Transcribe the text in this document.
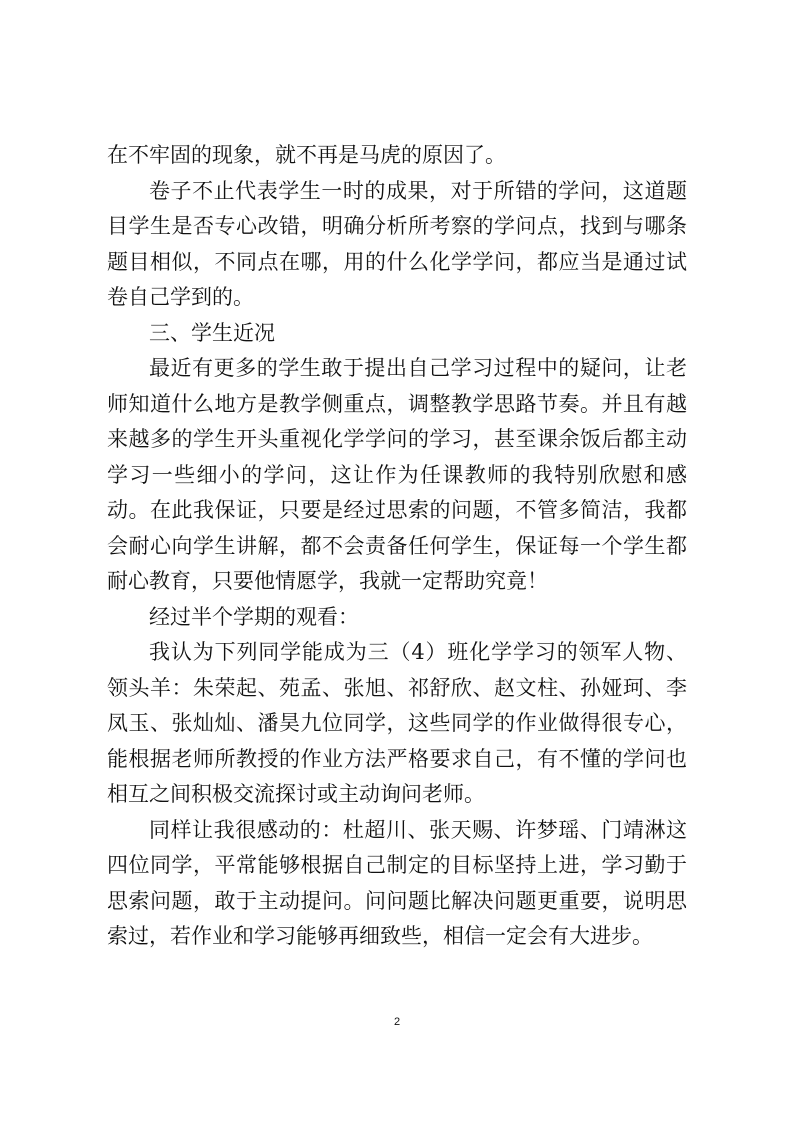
在不牢固的现象，就不再是马虎的原因了。

卷子不止代表学生一时的成果，对于所错的学问，这道题目学生是否专心改错，明确分析所考察的学问点，找到与哪条题目相似，不同点在哪，用的什么化学学问，都应当是通过试卷自己学到的。

三、学生近况

最近有更多的学生敢于提出自己学习过程中的疑问，让老师知道什么地方是教学侧重点，调整教学思路节奏。并且有越来越多的学生开头重视化学学问的学习，甚至课余饭后都主动学习一些细小的学问，这让作为任课教师的我特别欣慰和感动。在此我保证，只要是经过思索的问题，不管多简洁，我都会耐心向学生讲解，都不会责备任何学生，保证每一个学生都耐心教育，只要他情愿学，我就一定帮助究竟！

经过半个学期的观看：

我认为下列同学能成为三（4）班化学学习的领军人物、领头羊：朱荣起、苑孟、张旭、祁舒欣、赵文柱、孙娅珂、李凤玉、张灿灿、潘昊九位同学，这些同学的作业做得很专心，能根据老师所教授的作业方法严格要求自己，有不懂的学问也相互之间积极交流探讨或主动询问老师。

同样让我很感动的：杜超川、张天赐、许梦瑶、门靖淋这四位同学，平常能够根据自己制定的目标坚持上进，学习勤于思索问题，敢于主动提问。问问题比解决问题更重要，说明思索过，若作业和学习能够再细致些，相信一定会有大进步。

2
